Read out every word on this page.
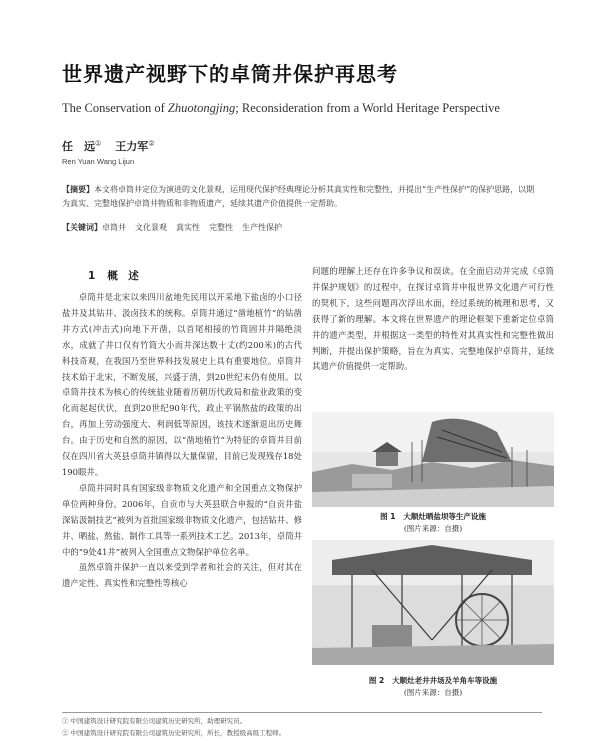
世界遗产视野下的卓筒井保护再思考
The Conservation of Zhuotongjing; Reconsideration from a World Heritage Perspective
任　远① 王力军②
Ren Yuan Wang Lijun
【摘要】本文将卓筒井定位为演进的文化景观，运用现代保护经典理论分析其真实性和完整性，并提出“生产性保护”的保护思路，以期为真实、完整地保护卓筒井物质和非物质遗产，延续其遗产价值提供一定帮助。
【关键词】卓筒井 文化景观 真实性 完整性 生产性保护
1 概　述

卓筒井是北宋以来四川盆地先民用以开采地下盐卤的小口径盐井及其钻井、汲卤技术的统称。卓筒井通过“凿地植竹”的钻凿井方式(冲击式)向地下开凿，以首尾相接的竹筒固井并隔绝淡水，成就了井口仅有竹筒大小而井深达数十丈(约200米)的古代科技奇观，在我国乃至世界科技发展史上具有重要地位。卓筒井技术始于北宋，不断发展，兴盛于清，到20世纪末仍有使用。以卓筒井技术为核心的传统盐业随着历朝历代政局和盐业政策的变化而起起伏伏，直到20世纪90年代，政止平锅熬盐的政策的出台，再加上劳动强度大、利润低等原因，该技术逐渐退出历史舞台。由于历史和自然的原因，以“凿地植竹”为特征的卓筒井目前仅在四川省大英县卓筒井镇得以大量保留，目前已发现残存18处190眼井。

卓筒井同时具有国家级非物质文化遗产和全国重点文物保护单位两种身份。2006年，自贡市与大英县联合申报的“自贡井盐深钻汲制技艺”被列为首批国家级非物质文化遗产，包括钻井、修井、晒盐、熬盐、制作工具等一系列技术工艺。2013年，卓筒井中的“9处41井”被列入全国重点文物保护单位名单。

虽然卓筒井保护一直以来受到学者和社会的关注，但对其在遗产定性、真实性和完整性等核心

问题的理解上还存在许多争议和误读。在全面启动并完成《卓筒井保护规划》的过程中，在探讨卓筒井申报世界文化遗产可行性的契机下，这些问题再次浮出水面，经过系统的梳理和思考，又获得了新的理解。本文将在世界遗产的理论框架下重新定位卓筒井的遗产类型，并根据这一类型的特性对其真实性和完整性做出判断，并提出保护策略，旨在为真实、完整地保护卓筒井，延续其遗产价值提供一定帮助。

图 1 大顺灶晒盐坝等生产设施
(图片来源：自摄)
图 2 大顺灶老井井场及羊角车等设施
(图片来源：自摄)
① 中国建筑设计研究院有限公司建筑历史研究所，助理研究员。
② 中国建筑设计研究院有限公司建筑历史研究所，所长，教授级高级工程师。
